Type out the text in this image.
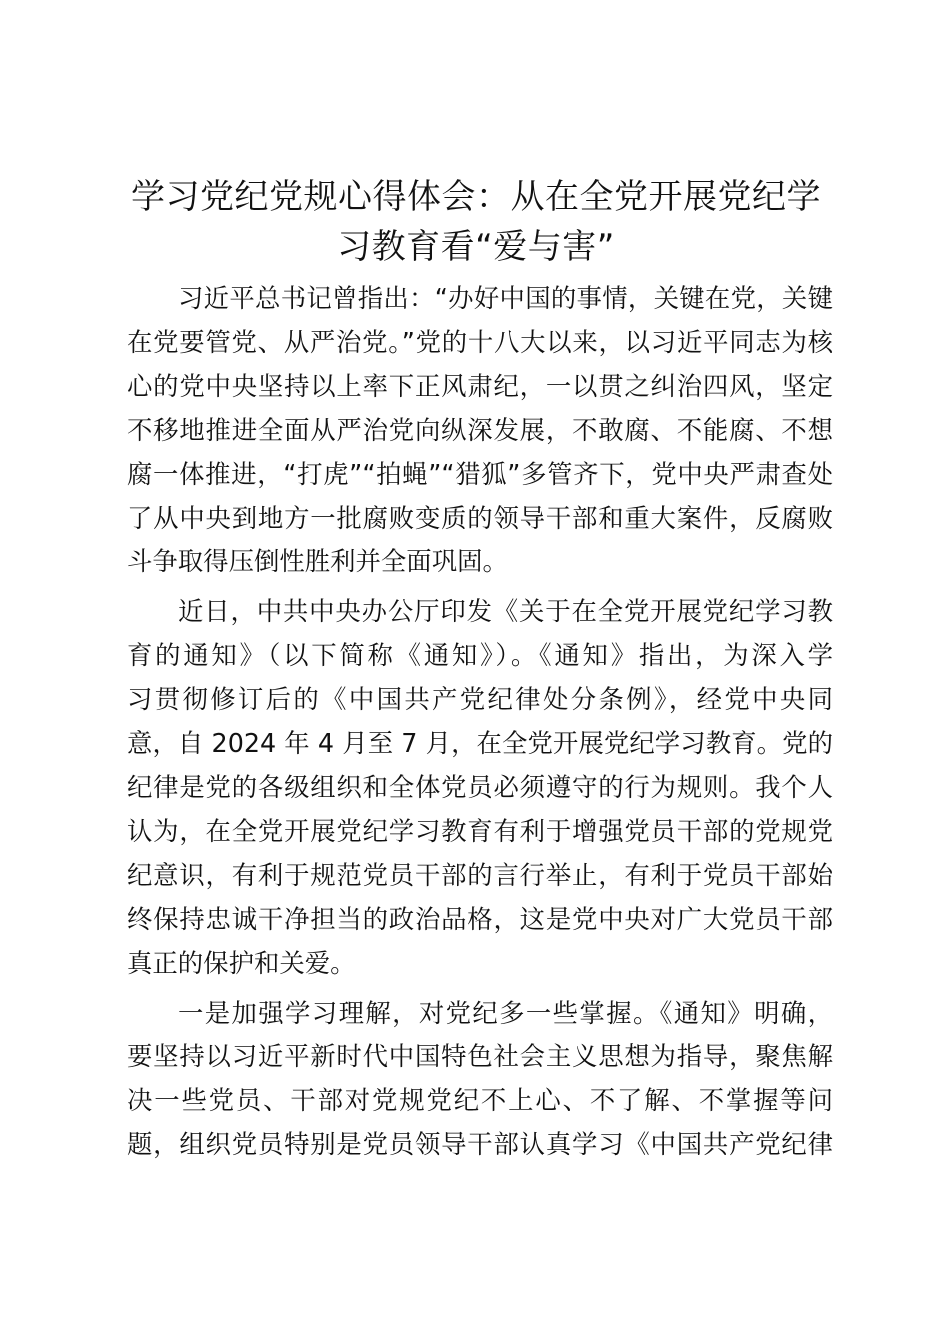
学习党纪党规心得体会：从在全党开展党纪学
习教育看“爱与害”

习近平总书记曾指出：“办好中国的事情，关键在党，关键
在党要管党、从严治党。”党的十八大以来，以习近平同志为核
心的党中央坚持以上率下正风肃纪，一以贯之纠治四风，坚定
不移地推进全面从严治党向纵深发展，不敢腐、不能腐、不想
腐一体推进，“打虎”“拍蝇”“猎狐”多管齐下，党中央严肃查处
了从中央到地方一批腐败变质的领导干部和重大案件，反腐败
斗争取得压倒性胜利并全面巩固。

近日，中共中央办公厅印发《关于在全党开展党纪学习教
育的通知》（以下简称《通知》）。《通知》指出，为深入学
习贯彻修订后的《中国共产党纪律处分条例》，经党中央同
意，自 2024 年 4 月至 7 月，在全党开展党纪学习教育。党的
纪律是党的各级组织和全体党员必须遵守的行为规则。我个人
认为，在全党开展党纪学习教育有利于增强党员干部的党规党
纪意识，有利于规范党员干部的言行举止，有利于党员干部始
终保持忠诚干净担当的政治品格，这是党中央对广大党员干部
真正的保护和关爱。

一是加强学习理解，对党纪多一些掌握。《通知》明确，
要坚持以习近平新时代中国特色社会主义思想为指导，聚焦解
决一些党员、干部对党规党纪不上心、不了解、不掌握等问
题，组织党员特别是党员领导干部认真学习《中国共产党纪律
